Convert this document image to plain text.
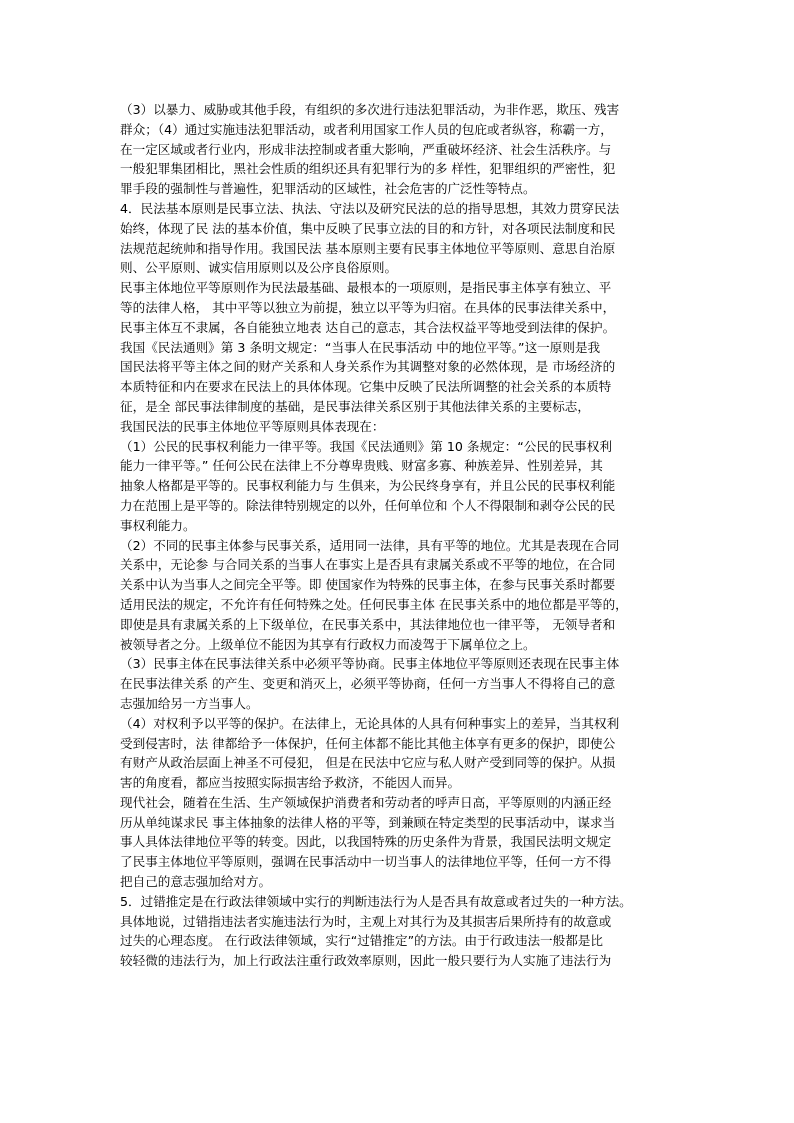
（3）以暴力、威胁或其他手段，有组织的多次进行违法犯罪活动，为非作恶，欺压、残害
群众；（4）通过实施违法犯罪活动，或者利用国家工作人员的包庇或者纵容，称霸一方，
在一定区域或者行业内，形成非法控制或者重大影响，严重破坏经济、社会生活秩序。与
一般犯罪集团相比，黑社会性质的组织还具有犯罪行为的多 样性，犯罪组织的严密性，犯
罪手段的强制性与普遍性，犯罪活动的区域性，社会危害的广泛性等特点。
4．民法基本原则是民事立法、执法、守法以及研究民法的总的指导思想，其效力贯穿民法
始终，体现了民 法的基本价值，集中反映了民事立法的目的和方针，对各项民法制度和民
法规范起统帅和指导作用。我国民法 基本原则主要有民事主体地位平等原则、意思自治原
则、公平原则、诚实信用原则以及公序良俗原则。
民事主体地位平等原则作为民法最基础、最根本的一项原则，是指民事主体享有独立、平
等的法律人格， 其中平等以独立为前提，独立以平等为归宿。在具体的民事法律关系中，
民事主体互不隶属，各自能独立地表 达自己的意志，其合法权益平等地受到法律的保护。
我国《民法通则》第 3 条明文规定：“当事人在民事活动 中的地位平等。”这一原则是我
国民法将平等主体之间的财产关系和人身关系作为其调整对象的必然体现，是 市场经济的
本质特征和内在要求在民法上的具体体现。它集中反映了民法所调整的社会关系的本质特
征，是全 部民事法律制度的基础，是民事法律关系区别于其他法律关系的主要标志，
我国民法的民事主体地位平等原则具体表现在：
（1）公民的民事权利能力一律平等。我国《民法通则》第 10 条规定：“公民的民事权利
能力一律平等。” 任何公民在法律上不分尊卑贵贱、财富多寡、种族差异、性别差异，其
抽象人格都是平等的。民事权利能力与 生俱来，为公民终身享有，并且公民的民事权利能
力在范围上是平等的。除法律特别规定的以外，任何单位和 个人不得限制和剥夺公民的民
事权利能力。
（2）不同的民事主体参与民事关系，适用同一法律，具有平等的地位。尤其是表现在合同
关系中，无论参 与合同关系的当事人在事实上是否具有隶属关系或不平等的地位，在合同
关系中认为当事人之间完全平等。即 使国家作为特殊的民事主体，在参与民事关系时都要
适用民法的规定，不允许有任何特殊之处。任何民事主体 在民事关系中的地位都是平等的，
即使是具有隶属关系的上下级单位，在民事关系中，其法律地位也一律平等， 无领导者和
被领导者之分。上级单位不能因为其享有行政权力而凌驾于下属单位之上。
（3）民事主体在民事法律关系中必须平等协商。民事主体地位平等原则还表现在民事主体
在民事法律关系 的产生、变更和消灭上，必须平等协商，任何一方当事人不得将自己的意
志强加给另一方当事人。
（4）对权利予以平等的保护。在法律上，无论具体的人具有何种事实上的差异，当其权利
受到侵害时，法 律都给予一体保护，任何主体都不能比其他主体享有更多的保护，即使公
有财产从政治层面上神圣不可侵犯， 但是在民法中它应与私人财产受到同等的保护。从损
害的角度看，都应当按照实际损害给予救济，不能因人而异。
现代社会，随着在生活、生产领域保护消费者和劳动者的呼声日高，平等原则的内涵正经
历从单纯谋求民 事主体抽象的法律人格的平等，到兼顾在特定类型的民事活动中，谋求当
事人具体法律地位平等的转变。因此，以我国特殊的历史条件为背景，我国民法明文规定
了民事主体地位平等原则，强调在民事活动中一切当事人的法律地位平等，任何一方不得
把自己的意志强加给对方。
5．过错推定是在行政法律领域中实行的判断违法行为人是否具有故意或者过失的一种方法。
具体地说，过错指违法者实施违法行为时，主观上对其行为及其损害后果所持有的故意或
过失的心理态度。 在行政法律领域，实行“过错推定”的方法。由于行政违法一般都是比
较轻微的违法行为，加上行政法注重行政效率原则，因此一般只要行为人实施了违法行为
